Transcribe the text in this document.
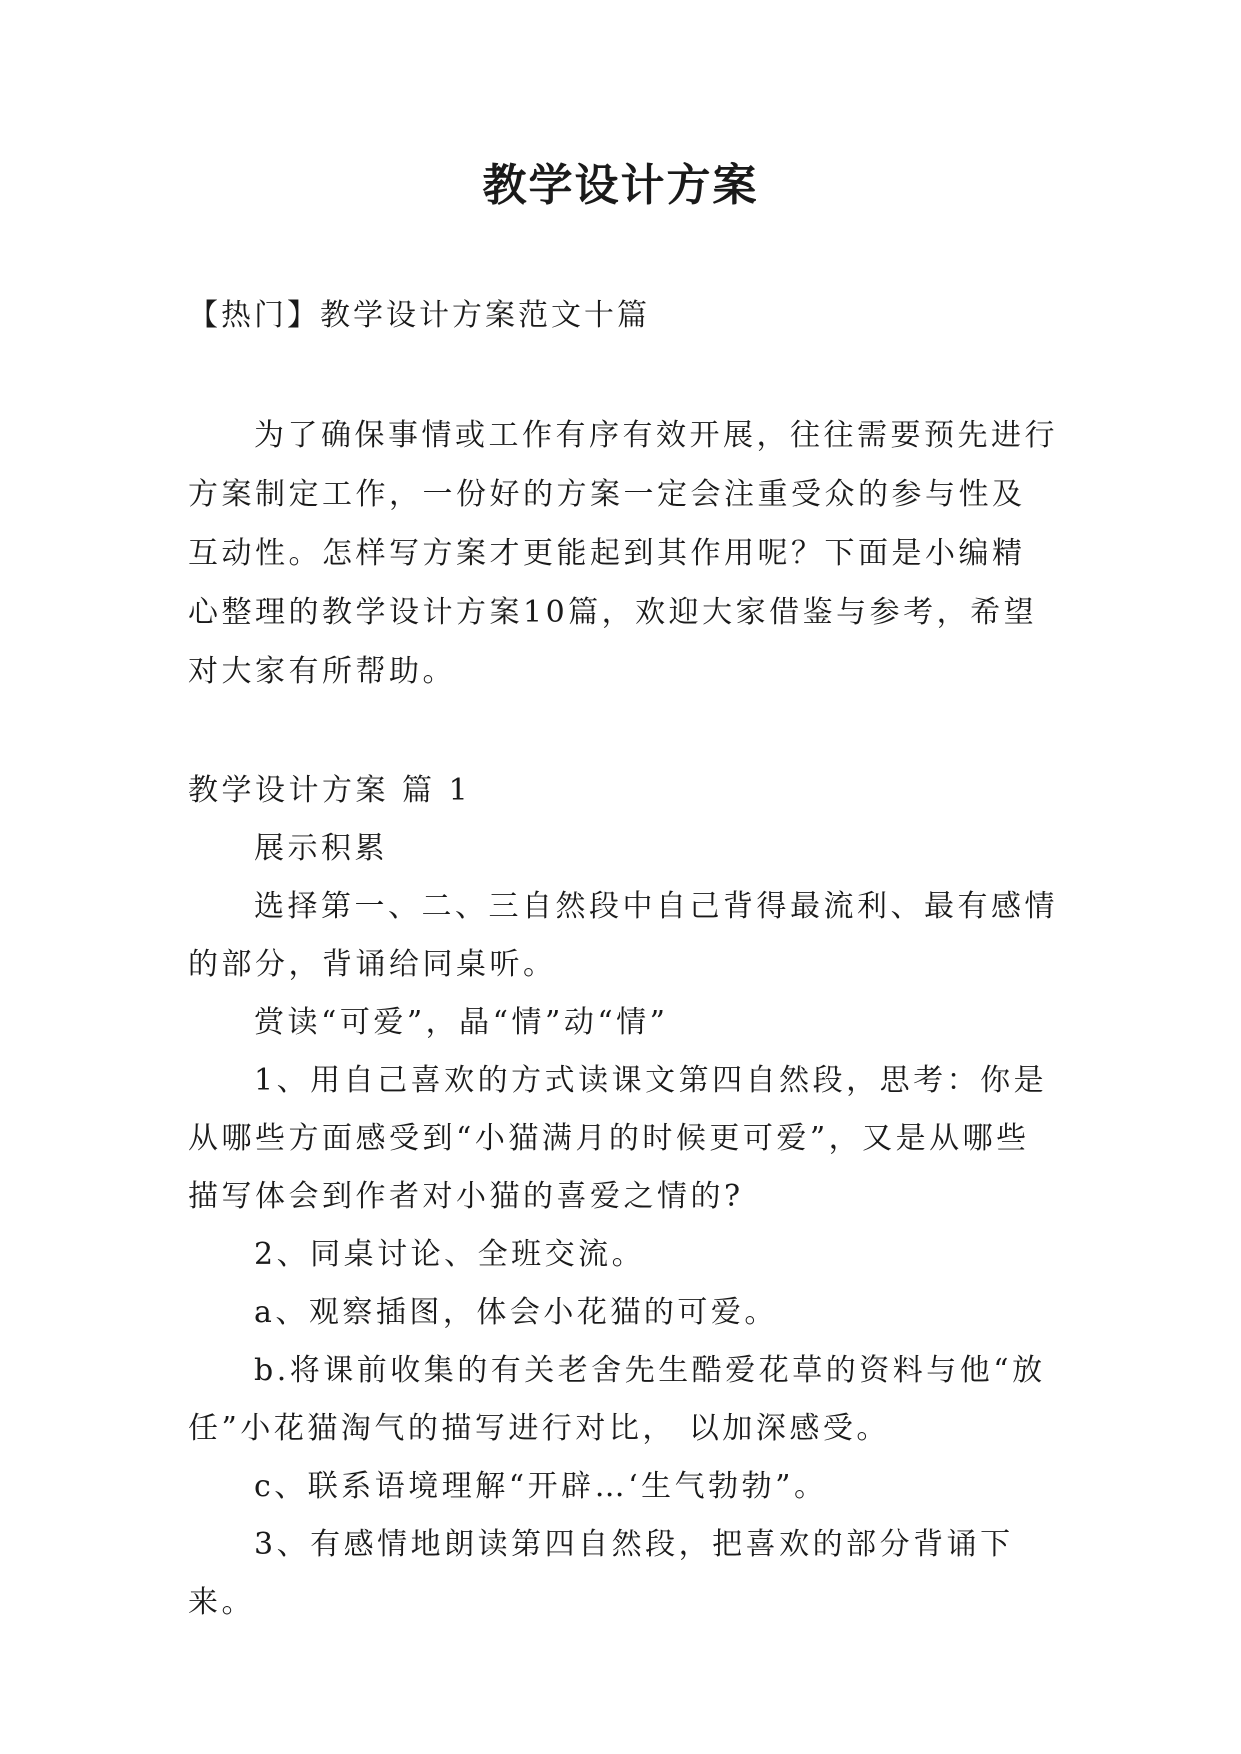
教学设计方案
【热门】教学设计方案范文十篇

为了确保事情或工作有序有效开展，往往需要预先进行方案制定工作，一份好的方案一定会注重受众的参与性及互动性。怎样写方案才更能起到其作用呢？下面是小编精心整理的教学设计方案10篇，欢迎大家借鉴与参考，希望对大家有所帮助。

教学设计方案 篇 1

展示积累

选择第一、二、三自然段中自己背得最流利、最有感情的部分，背诵给同桌听。

赏读“可爱”，晶“情”动“情”

1、用自己喜欢的方式读课文第四自然段，思考：你是从哪些方面感受到“小猫满月的时候更可爱”，又是从哪些描写体会到作者对小猫的喜爱之情的?

2、同桌讨论、全班交流。

a、观察插图，体会小花猫的可爱。

b.将课前收集的有关老舍先生酷爱花草的资料与他“放任”小花猫淘气的描写进行对比， 以加深感受。

c、联系语境理解“开辟…‘生气勃勃”。

3、有感情地朗读第四自然段，把喜欢的部分背诵下来。
